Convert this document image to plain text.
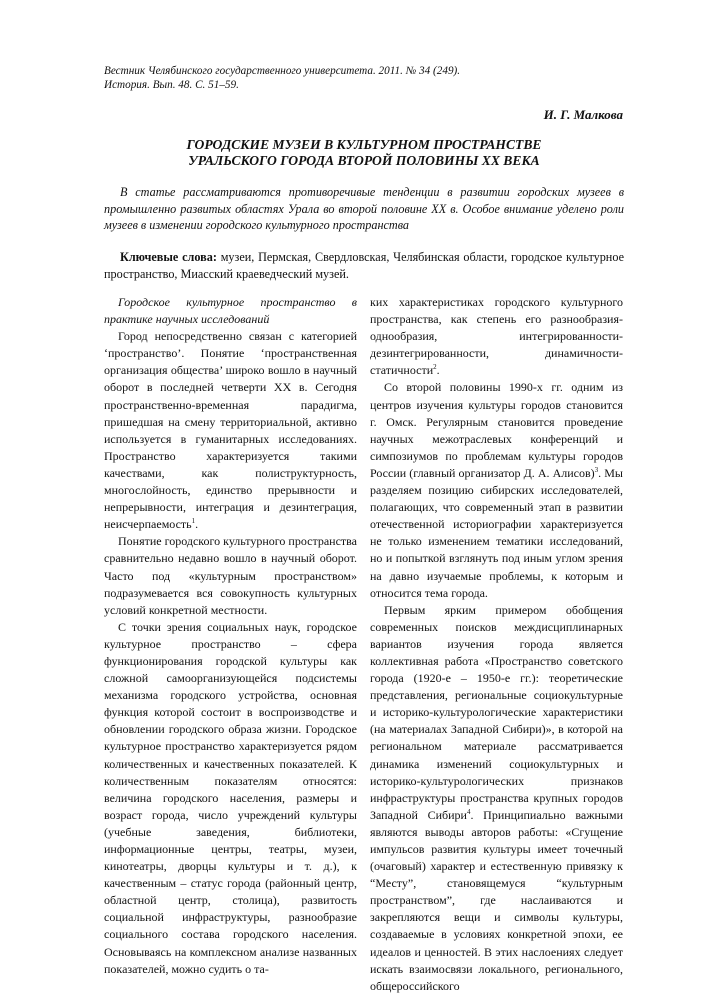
Вестник Челябинского государственного университета. 2011. № 34 (249).
История. Вып. 48. С. 51–59.
И. Г. Малкова
ГОРОДСКИЕ МУЗЕИ В КУЛЬТУРНОМ ПРОСТРАНСТВЕ
УРАЛЬСКОГО ГОРОДА ВТОРОЙ ПОЛОВИНЫ XX ВЕКА
В статье рассматриваются противоречивые тенденции в развитии городских музеев в промышленно развитых областях Урала во второй половине XX в. Особое внимание уделено роли музеев в изменении городского культурного пространства
Ключевые слова: музеи, Пермская, Свердловская, Челябинская области, городское культурное пространство, Миасский краеведческий музей.

Городское культурное пространство в практике научных исследований

Город непосредственно связан с категорией ‘пространство’. Понятие ‘пространственная организация общества’ широко вошло в научный оборот в последней четверти XX в. Сегодня пространственно-временная парадигма, пришедшая на смену территориальной, активно используется в гуманитарных исследованиях. Пространство характеризуется такими качествами, как полиструктурность, многослойность, единство прерывности и непрерывности, интеграция и дезинтеграция, неисчерпаемость$^1$.

Понятие городского культурного пространства сравнительно недавно вошло в научный оборот. Часто под «культурным пространством» подразумевается вся совокупность культурных условий конкретной местности.

С точки зрения социальных наук, городское культурное пространство – сфера функционирования городской культуры как сложной самоорганизующейся подсистемы механизма городского устройства, основная функция которой состоит в воспроизводстве и обновлении городского образа жизни. Городское культурное пространство характеризуется рядом количественных и качественных показателей. К количественным показателям относятся: величина городского населения, размеры и возраст города, число учреждений культуры (учебные заведения, библиотеки, информационные центры, театры, музеи, кинотеатры, дворцы культуры и т. д.), к качественным – статус города (районный центр, областной центр, столица), развитость социальной инфраструктуры, разнообразие социального состава городского населения. Основываясь на комплексном анализе названных показателей, можно судить о та-

ких характеристиках городского культурного пространства, как степень его разнообразия-однообразия, интегрированности-дезинтегрированности, динамичности-статичности$^2$.

Со второй половины 1990-х гг. одним из центров изучения культуры городов становится г. Омск. Регулярным становится проведение научных межотраслевых конференций и симпозиумов по проблемам культуры городов России (главный организатор Д. А. Алисов)$^3$. Мы разделяем позицию сибирских исследователей, полагающих, что современный этап в развитии отечественной историографии характеризуется не только изменением тематики исследований, но и попыткой взглянуть под иным углом зрения на давно изучаемые проблемы, к которым и относится тема города.

Первым ярким примером обобщения современных поисков междисциплинарных вариантов изучения города является коллективная работа «Пространство советского города (1920-е – 1950-е гг.): теоретические представления, региональные социокультурные и историко-культурологические характеристики (на материалах Западной Сибири)», в которой на региональном материале рассматривается динамика изменений социокультурных и историко-культурологических признаков инфраструктуры пространства крупных городов Западной Сибири$^4$. Принципиально важными являются выводы авторов работы: «Сгущение импульсов развития культуры имеет точечный (очаговый) характер и естественную привязку к “Месту”, становящемуся “культурным пространством”, где наслаиваются и закрепляются вещи и символы культуры, создаваемые в условиях конкретной эпохи, ее идеалов и ценностей. В этих наслоениях следует искать взаимосвязи локального, регионального, общероссийского
